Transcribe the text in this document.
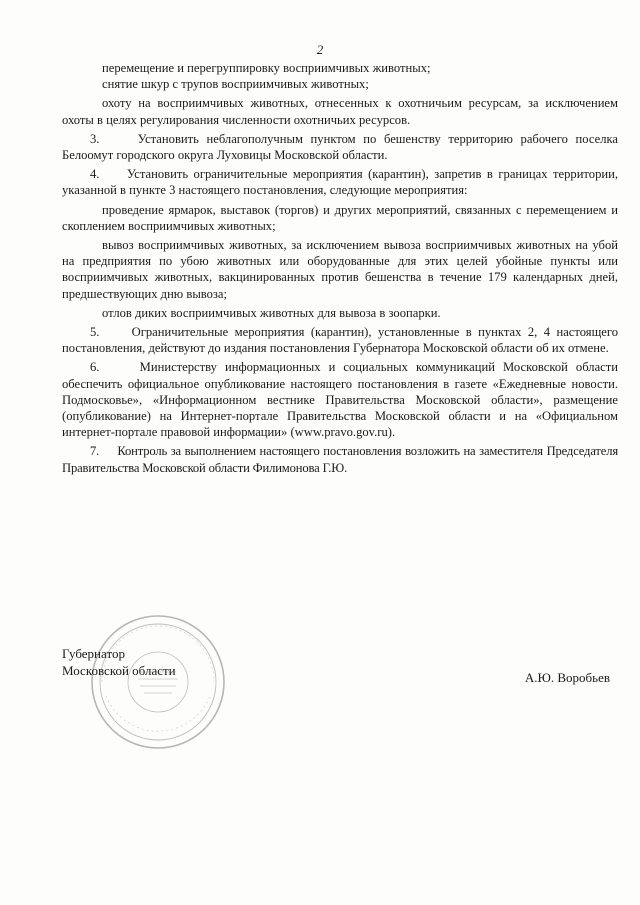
2

перемещение и перегруппировку восприимчивых животных;

снятие шкур с трупов восприимчивых животных;

охоту на восприимчивых животных, отнесенных к охотничьим ресурсам, за исключением охоты в целях регулирования численности охотничьих ресурсов.

3.     Установить неблагополучным пунктом по бешенству территорию рабочего поселка Белоомут городского округа Луховицы Московской области.

4.     Установить ограничительные мероприятия (карантин), запретив в границах территории, указанной в пункте 3 настоящего постановления, следующие мероприятия:

проведение ярмарок, выставок (торгов) и других мероприятий, связанных с перемещением и скоплением восприимчивых животных;

вывоз восприимчивых животных, за исключением вывоза восприимчивых животных на убой на предприятия по убою животных или оборудованные для этих целей убойные пункты или восприимчивых животных, вакцинированных против бешенства в течение 179 календарных дней, предшествующих дню вывоза;

отлов диких восприимчивых животных для вывоза в зоопарки.

5.     Ограничительные мероприятия (карантин), установленные в пунктах 2, 4 настоящего постановления, действуют до издания постановления Губернатора Московской области об их отмене.

6.     Министерству информационных и социальных коммуникаций Московской области обеспечить официальное опубликование настоящего постановления в газете «Ежедневные новости. Подмосковье», «Информационном вестнике Правительства Московской области», размещение (опубликование) на Интернет-портале Правительства Московской области и на «Официальном интернет-портале правовой информации» (www.pravo.gov.ru).

7.     Контроль за выполнением настоящего постановления возложить на заместителя Председателя Правительства Московской области Филимонова Г.Ю.

Губернатор
Московской области	А.Ю. Воробьев
